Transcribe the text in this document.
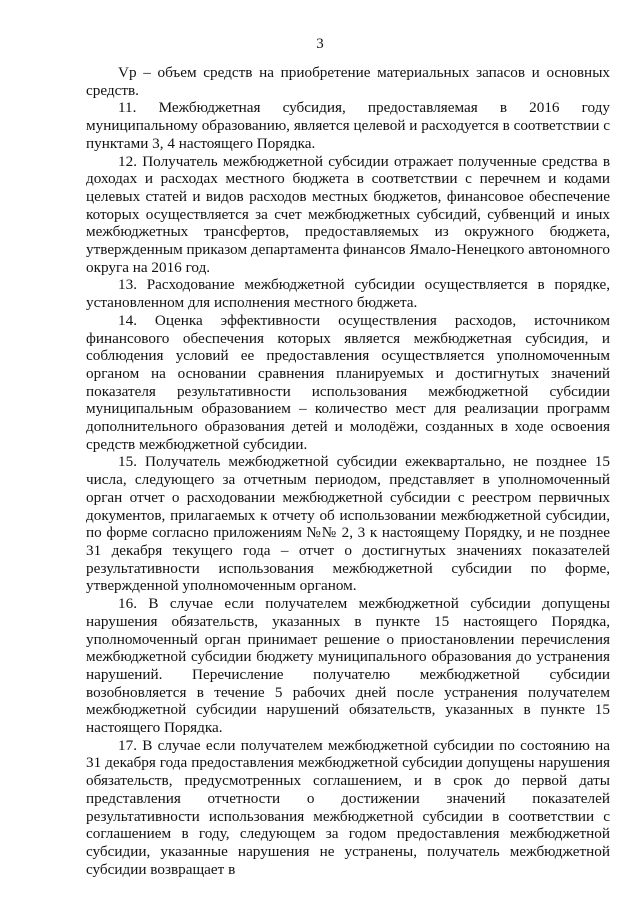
3

Vp – объем средств на приобретение материальных запасов и основных средств.

11. Межбюджетная субсидия, предоставляемая в 2016 году муниципальному образованию, является целевой и расходуется в соответствии с пунктами 3, 4 настоящего Порядка.

12. Получатель межбюджетной субсидии отражает полученные средства в доходах и расходах местного бюджета в соответствии с перечнем и кодами целевых статей и видов расходов местных бюджетов, финансовое обеспечение которых осуществляется за счет межбюджетных субсидий, субвенций и иных межбюджетных трансфертов, предоставляемых из окружного бюджета, утвержденным приказом департамента финансов Ямало-Ненецкого автономного округа на 2016 год.

13. Расходование межбюджетной субсидии осуществляется в порядке, установленном для исполнения местного бюджета.

14. Оценка эффективности осуществления расходов, источником финансового обеспечения которых является межбюджетная субсидия, и соблюдения условий ее предоставления осуществляется уполномоченным органом на основании сравнения планируемых и достигнутых значений показателя результативности использования межбюджетной субсидии муниципальным образованием – количество мест для реализации программ дополнительного образования детей и молодёжи, созданных в ходе освоения средств межбюджетной субсидии.

15. Получатель межбюджетной субсидии ежеквартально, не позднее 15 числа, следующего за отчетным периодом, представляет в уполномоченный орган отчет о расходовании межбюджетной субсидии с реестром первичных документов, прилагаемых к отчету об использовании межбюджетной субсидии, по форме согласно приложениям №№ 2, 3 к настоящему Порядку, и не позднее 31 декабря текущего года – отчет о достигнутых значениях показателей результативности использования межбюджетной субсидии по форме, утвержденной уполномоченным органом.

16. В случае если получателем межбюджетной субсидии допущены нарушения обязательств, указанных в пункте 15 настоящего Порядка, уполномоченный орган принимает решение о приостановлении перечисления межбюджетной субсидии бюджету муниципального образования до устранения нарушений. Перечисление получателю межбюджетной субсидии возобновляется в течение 5 рабочих дней после устранения получателем межбюджетной субсидии нарушений обязательств, указанных в пункте 15 настоящего Порядка.

17. В случае если получателем межбюджетной субсидии по состоянию на 31 декабря года предоставления межбюджетной субсидии допущены нарушения обязательств, предусмотренных соглашением, и в срок до первой даты представления отчетности о достижении значений показателей результативности использования межбюджетной субсидии в соответствии с соглашением в году, следующем за годом предоставления межбюджетной субсидии, указанные нарушения не устранены, получатель межбюджетной субсидии возвращает в
